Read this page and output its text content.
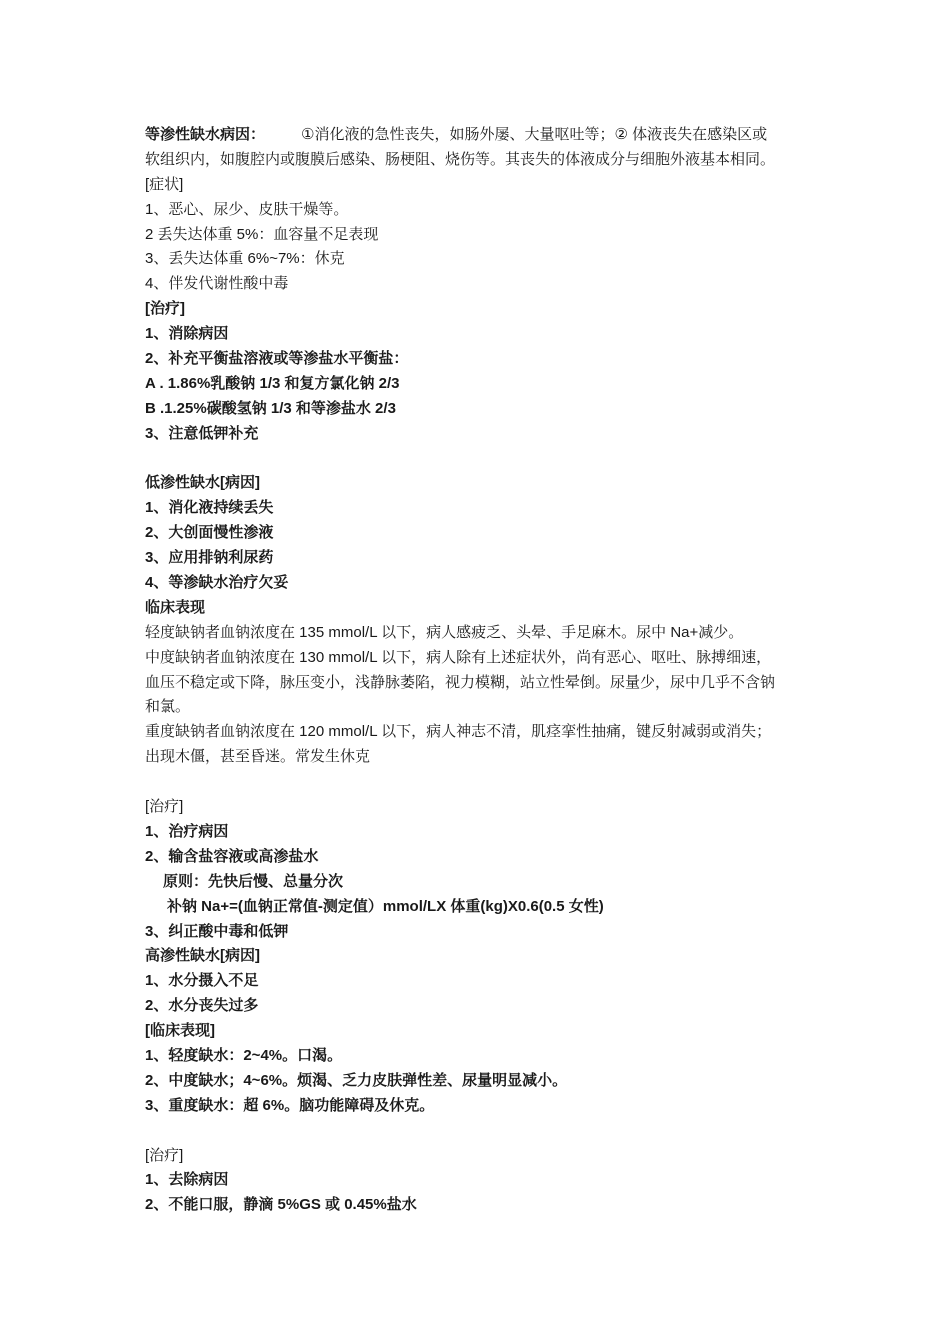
等渗性缺水病因： ①消化液的急性丧失，如肠外屡、大量呕吐等；② 体液丧失在感染区或
软组织内，如腹腔内或腹膜后感染、肠梗阻、烧伤等。其丧失的体液成分与细胞外液基本相同。
[症状]
1、恶心、尿少、皮肤干燥等。
2 丢失达体重 5%：血容量不足表现
3、丢失达体重 6%~7%：休克
4、伴发代谢性酸中毒
[治疗]
1、消除病因
2、补充平衡盐溶液或等渗盐水平衡盐：
A . 1.86%乳酸钠 1/3 和复方氯化钠 2/3
B .1.25%碳酸氢钠 1/3 和等渗盐水 2/3
3、注意低钾补充
低渗性缺水[病因]
1、消化液持续丢失
2、大创面慢性渗液
3、应用排钠利尿药
4、等渗缺水治疗欠妥
临床表现
轻度缺钠者血钠浓度在 135 mmol/L 以下，病人感疲乏、头晕、手足麻木。尿中 Na+减少。
中度缺钠者血钠浓度在 130 mmol/L 以下，病人除有上述症状外，尚有恶心、呕吐、脉搏细速，
血压不稳定或下降，脉压变小，浅静脉萎陷，视力模糊，站立性晕倒。尿量少，尿中几乎不含钠
和氯。
重度缺钠者血钠浓度在 120 mmol/L 以下，病人神志不清，肌痉挛性抽痛，键反射减弱或消失；
出现木僵，甚至昏迷。常发生休克
[治疗]
1、治疗病因
2、输含盐容液或高渗盐水
原则：先快后慢、总量分次
补钠 Na+=(血钠正常值-测定值）mmol/LX 体重(kg)X0.6(0.5 女性)
3、纠正酸中毒和低钾
高渗性缺水[病因]
1、水分摄入不足
2、水分丧失过多
[临床表现]
1、轻度缺水：2~4%。口渴。
2、中度缺水；4~6%。烦渴、乏力皮肤弹性差、尿量明显减小。
3、重度缺水：超 6%。脑功能障碍及休克。
[治疗]
1、去除病因
2、不能口服，静滴 5%GS 或 0.45%盐水
